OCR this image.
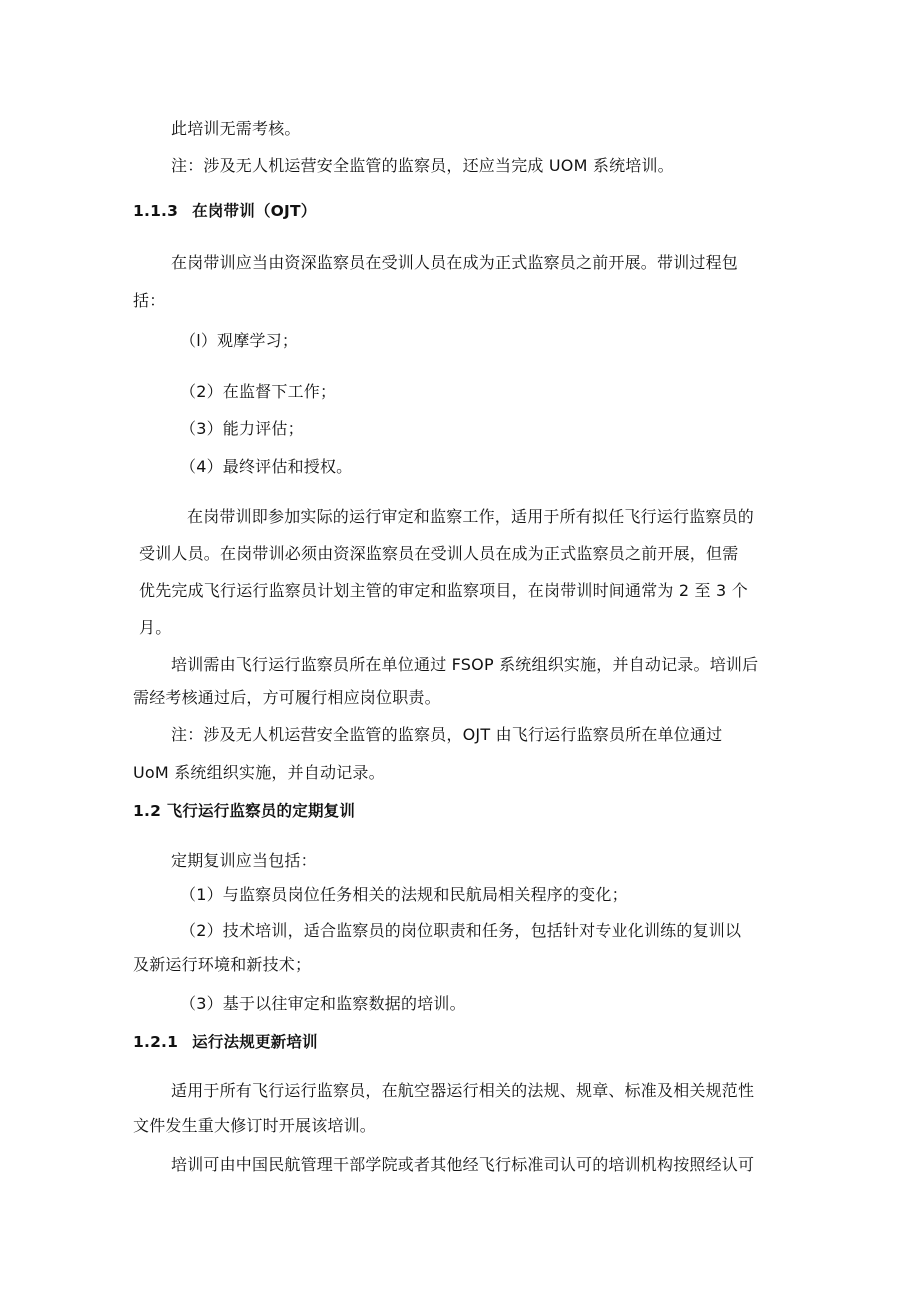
此培训无需考核。
注：涉及无人机运营安全监管的监察员，还应当完成 UOM 系统培训。
1.1.3 在岗带训（OJT）
在岗带训应当由资深监察员在受训人员在成为正式监察员之前开展。带训过程包
括：
（l）观摩学习；
（2）在监督下工作；
（3）能力评估；
（4）最终评估和授权。
在岗带训即参加实际的运行审定和监察工作，适用于所有拟任飞行运行监察员的
受训人员。在岗带训必须由资深监察员在受训人员在成为正式监察员之前开展，但需
优先完成飞行运行监察员计划主管的审定和监察项目，在岗带训时间通常为 2 至 3 个
月。
培训需由飞行运行监察员所在单位通过 FSOP 系统组织实施，并自动记录。培训后
需经考核通过后，方可履行相应岗位职责。
注：涉及无人机运营安全监管的监察员，OJT 由飞行运行监察员所在单位通过
UoM 系统组织实施，并自动记录。
1.2 飞行运行监察员的定期复训
定期复训应当包括：
（1）与监察员岗位任务相关的法规和民航局相关程序的变化；
（2）技术培训，适合监察员的岗位职责和任务，包括针对专业化训练的复训以
及新运行环境和新技术；
（3）基于以往审定和监察数据的培训。
1.2.1 运行法规更新培训
适用于所有飞行运行监察员，在航空器运行相关的法规、规章、标准及相关规范性
文件发生重大修订时开展该培训。
培训可由中国民航管理干部学院或者其他经飞行标准司认可的培训机构按照经认可
